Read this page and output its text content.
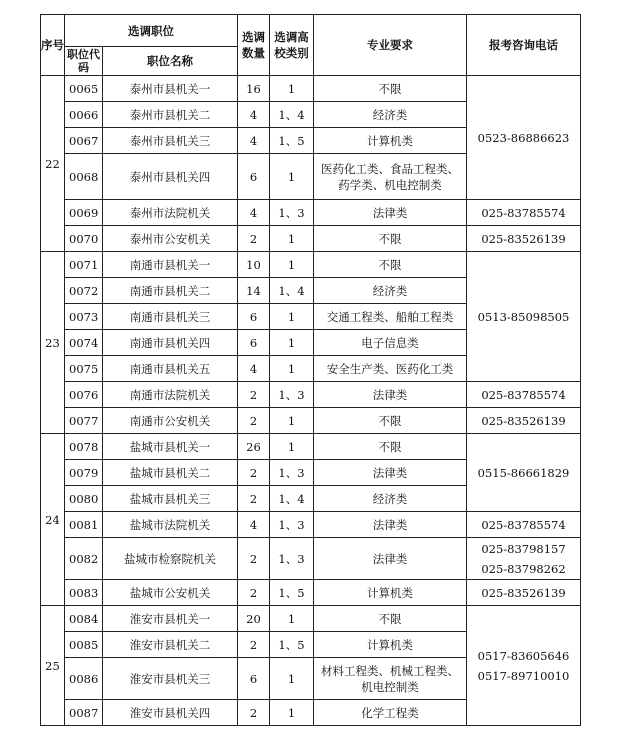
序号	选调职位		选调数量	选调高校类别	专业要求	报考咨询电话
	职位代码	职位名称				
22	0065	泰州市县机关一	16	1	不限	0523-86886623

	0066	泰州市县机关二	4	1、4	经济类	
	0067	泰州市县机关三	4	1、5	计算机类	
	0068	泰州市县机关四	6	1	医药化工类、食品工程类、药学类、机电控制类	
	0069	泰州市法院机关	4	1、3	法律类	025-83785574

	0070	泰州市公安机关	2	1	不限	025-83526139

23	0071	南通市县机关一	10	1	不限	0513-85098505

	0072	南通市县机关二	14	1、4	经济类	
	0073	南通市县机关三	6	1	交通工程类、船舶工程类	
	0074	南通市县机关四	6	1	电子信息类	
	0075	南通市县机关五	4	1	安全生产类、医药化工类	
	0076	南通市法院机关	2	1、3	法律类	025-83785574

	0077	南通市公安机关	2	1	不限	025-83526139

24	0078	盐城市县机关一	26	1	不限	0515-86661829

	0079	盐城市县机关二	2	1、3	法律类	
	0080	盐城市县机关三	2	1、4	经济类	
	0081	盐城市法院机关	4	1、3	法律类	025-83785574

	0082	盐城市检察院机关	2	1、3	法律类	025-83798157
025-83798262

	0083	盐城市公安机关	2	1、5	计算机类	025-83526139

25	0084	淮安市县机关一	20	1	不限	0517-83605646
0517-89710010

	0085	淮安市县机关二	2	1、5	计算机类	
	0086	淮安市县机关三	6	1	材料工程类、机械工程类、机电控制类	
	0087	淮安市县机关四	2	1	化学工程类	
